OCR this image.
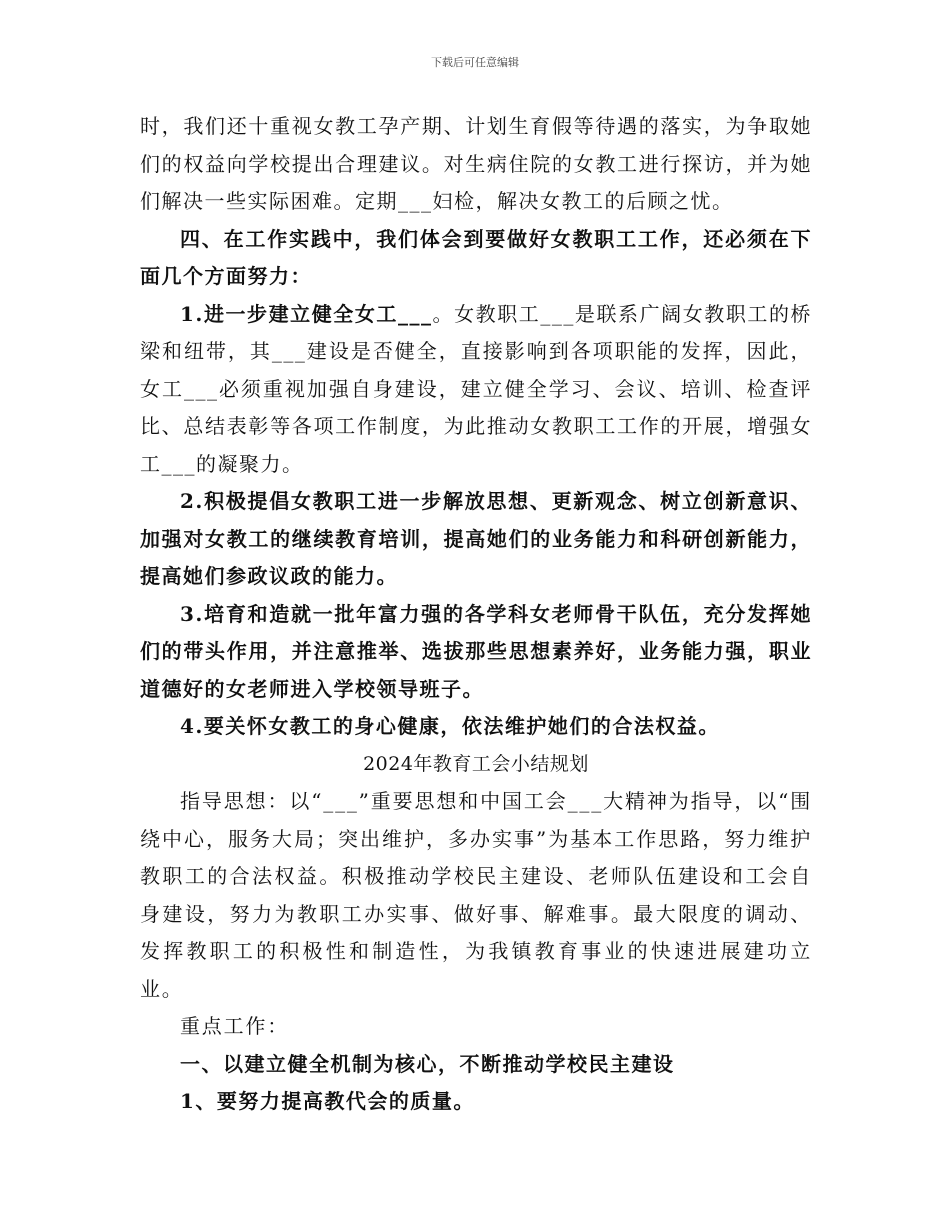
下载后可任意编辑

时，我们还十重视女教工孕产期、计划生育假等待遇的落实，为争取她们的权益向学校提出合理建议。对生病住院的女教工进行探访，并为她们解决一些实际困难。定期___妇检，解决女教工的后顾之忧。

四、在工作实践中，我们体会到要做好女教职工工作，还必须在下面几个方面努力：

1.进一步建立健全女工___。女教职工___是联系广阔女教职工的桥梁和纽带，其___建设是否健全，直接影响到各项职能的发挥，因此，女工___必须重视加强自身建设，建立健全学习、会议、培训、检查评比、总结表彰等各项工作制度，为此推动女教职工工作的开展，增强女工___的凝聚力。

2.积极提倡女教职工进一步解放思想、更新观念、树立创新意识、加强对女教工的继续教育培训，提高她们的业务能力和科研创新能力，提高她们参政议政的能力。

3.培育和造就一批年富力强的各学科女老师骨干队伍，充分发挥她们的带头作用，并注意推举、选拔那些思想素养好，业务能力强，职业道德好的女老师进入学校领导班子。

4.要关怀女教工的身心健康，依法维护她们的合法权益。

2024年教育工会小结规划

指导思想：以“___”重要思想和中国工会___大精神为指导，以“围绕中心，服务大局；突出维护，多办实事”为基本工作思路，努力维护教职工的合法权益。积极推动学校民主建设、老师队伍建设和工会自身建设，努力为教职工办实事、做好事、解难事。最大限度的调动、发挥教职工的积极性和制造性，为我镇教育事业的快速进展建功立业。

重点工作：

一、以建立健全机制为核心，不断推动学校民主建设

1、要努力提高教代会的质量。
